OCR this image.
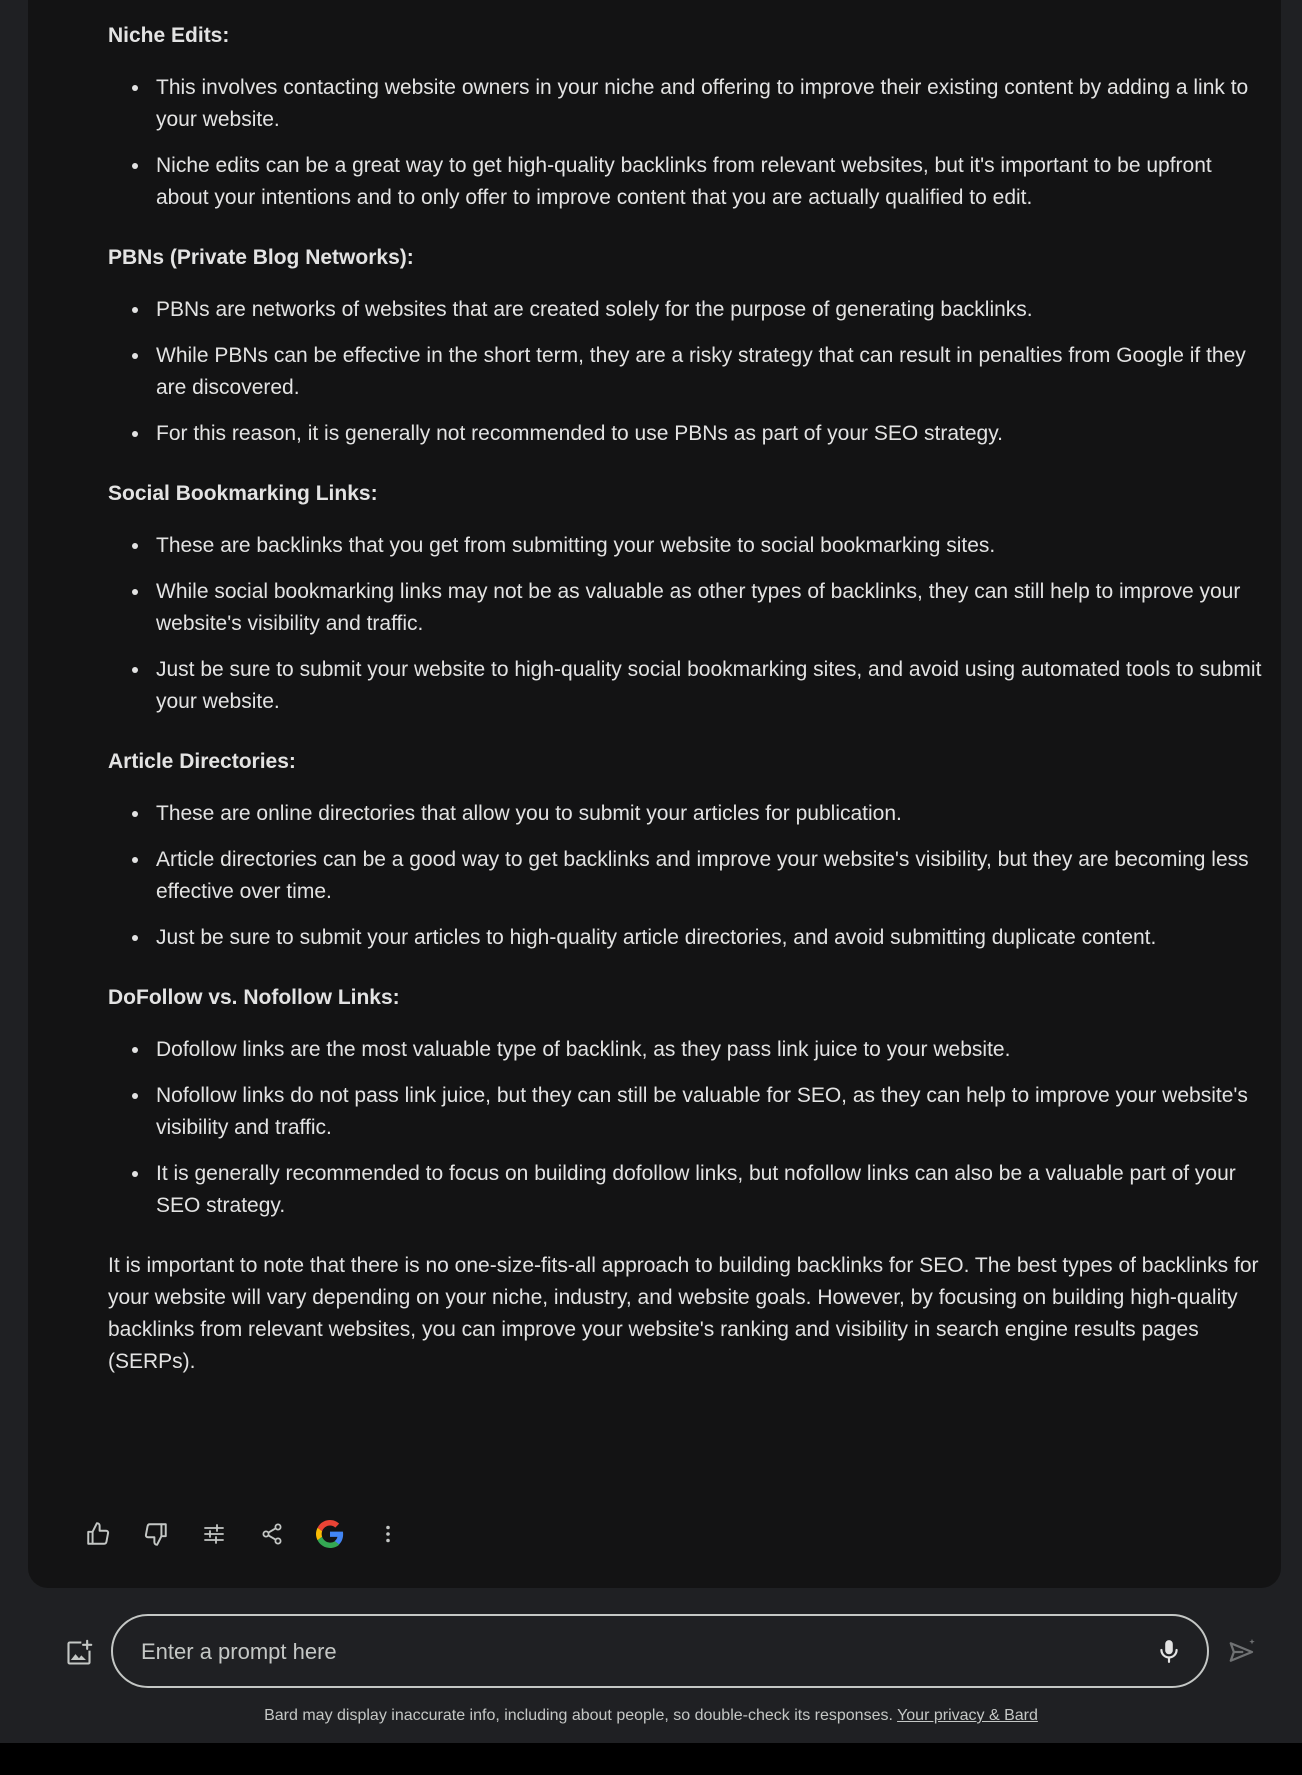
Niche Edits:
This involves contacting website owners in your niche and offering to improve their existing content by adding a link to your website.
Niche edits can be a great way to get high-quality backlinks from relevant websites, but it's important to be upfront about your intentions and to only offer to improve content that you are actually qualified to edit.
PBNs (Private Blog Networks):
PBNs are networks of websites that are created solely for the purpose of generating backlinks.
While PBNs can be effective in the short term, they are a risky strategy that can result in penalties from Google if they are discovered.
For this reason, it is generally not recommended to use PBNs as part of your SEO strategy.
Social Bookmarking Links:
These are backlinks that you get from submitting your website to social bookmarking sites.
While social bookmarking links may not be as valuable as other types of backlinks, they can still help to improve your website's visibility and traffic.
Just be sure to submit your website to high-quality social bookmarking sites, and avoid using automated tools to submit your website.
Article Directories:
These are online directories that allow you to submit your articles for publication.
Article directories can be a good way to get backlinks and improve your website's visibility, but they are becoming less effective over time.
Just be sure to submit your articles to high-quality article directories, and avoid submitting duplicate content.
DoFollow vs. Nofollow Links:
Dofollow links are the most valuable type of backlink, as they pass link juice to your website.
Nofollow links do not pass link juice, but they can still be valuable for SEO, as they can help to improve your website's visibility and traffic.
It is generally recommended to focus on building dofollow links, but nofollow links can also be a valuable part of your SEO strategy.

It is important to note that there is no one-size-fits-all approach to building backlinks for SEO. The best types of backlinks for your website will vary depending on your niche, industry, and website goals. However, by focusing on building high-quality backlinks from relevant websites, you can improve your website's ranking and visibility in search engine results pages (SERPs).

Enter a prompt here
Bard may display inaccurate info, including about people, so double-check its responses. Your privacy & Bard
